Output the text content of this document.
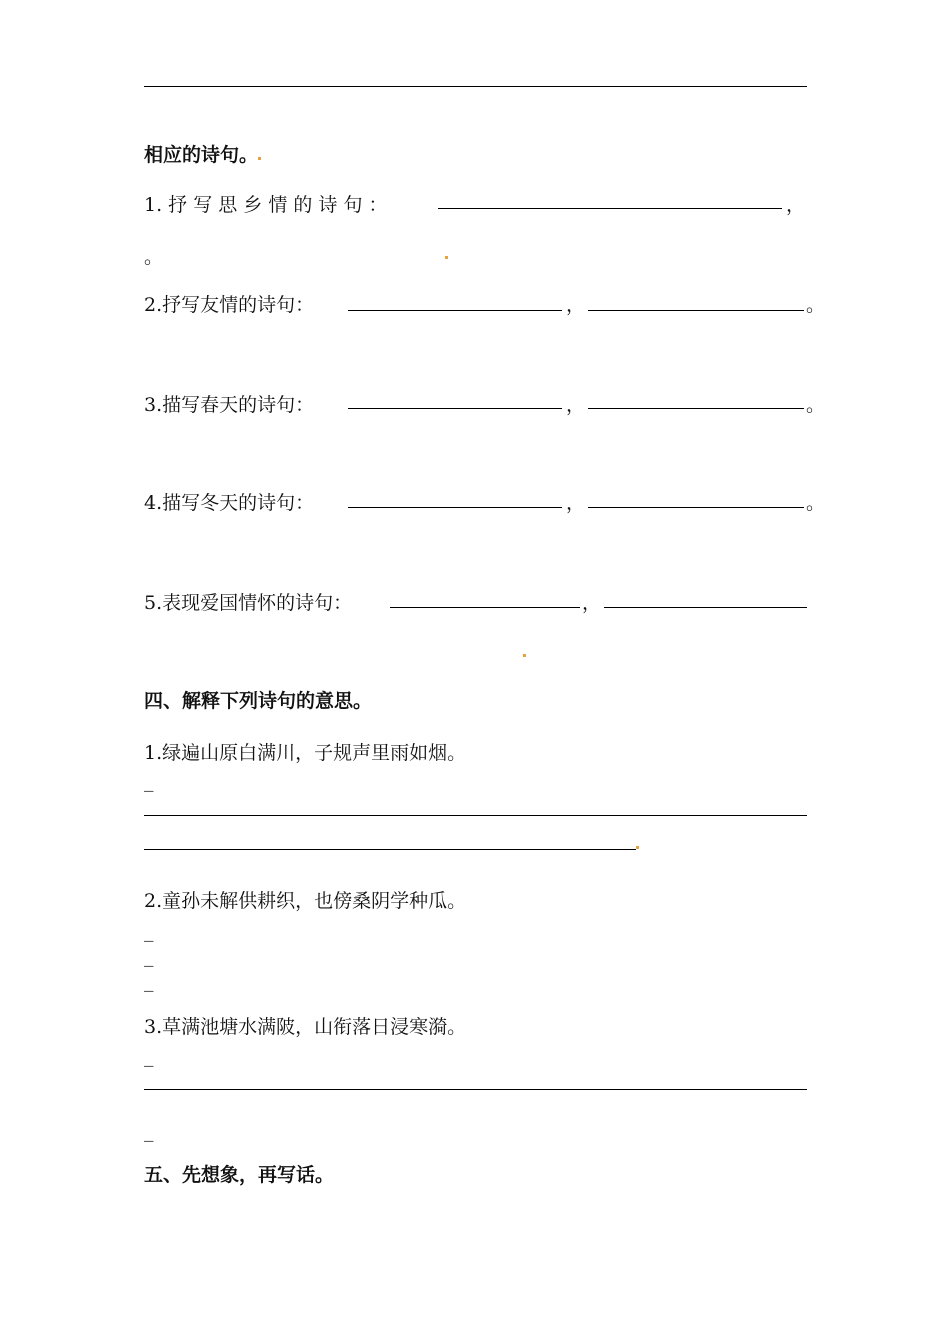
相应的诗句。
1. 抒 写 思 乡 情 的 诗 句 ：	，
。
2.抒写友情的诗句：	，	。
3.描写春天的诗句：	，	。
4.描写冬天的诗句：	，	。
5.表现爱国情怀的诗句：	，
四、解释下列诗句的意思。
1.绿遍山原白满川，子规声里雨如烟。
_
2.童孙未解供耕织，也傍桑阴学种瓜。
_
_
_
3.草满池塘水满陂，山衔落日浸寒漪。
_
_
五、先想象，再写话。
